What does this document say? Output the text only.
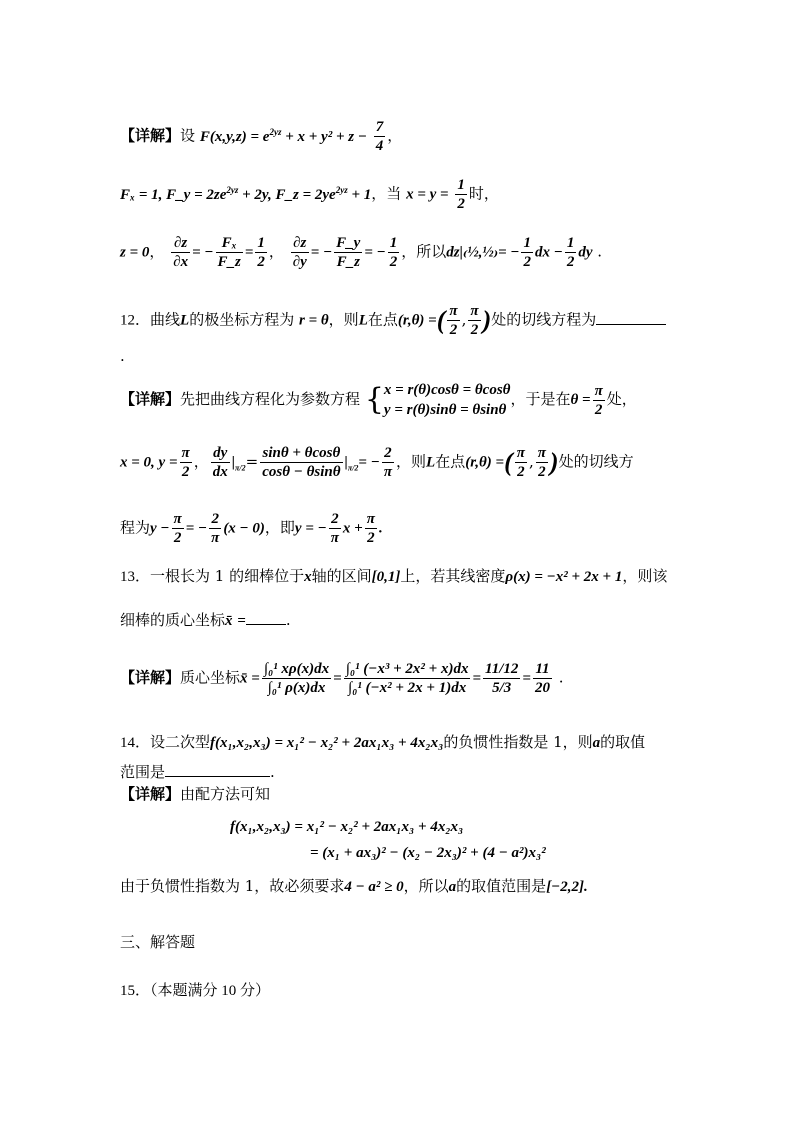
【详解】设 $F(x,y,z) = e^{2yz} + x + y^2 + z - \frac{7}{4}$ ，
Fₓ = 1, F_y = $2ze^{2yz} + 2y$, F_z = $2ye^{2yz} + 1$，当 $x = y = \frac{1}{2}$ 时，
z = 0， $\frac{\partial z}{\partial x}$ = − $\frac{\text{Fₓ}}{F\_z} = \frac{1}{2}$ ， $\frac{\partial z}{\partial y}$ = − $\frac{F\_y}{F\_z}$ = − $\frac{1}{2}$ ，所以dz|₍½,½₎= − $\frac{1}{2}$ dx − $\frac{1}{2}$ dy .
12．曲线L的极坐标方程为 r = θ，则L在点(r,θ) =( $\frac{\pi}{2}$ , $\frac{\pi}{2}$ )处的切线方程为
.
【详解】先把曲线方程化为参数方程 { x = r(θ)cosθ = θcosθ
y = r(θ)sinθ = θsinθ
，于是在$\theta = \frac{\pi}{2}$ 处，
x = 0, $y = \frac{\pi}{2}$ ， $\frac{dy}{dx} |_{\pi/2}= \frac{\sin\theta + \theta\cos\theta}{\cos\theta - \theta\sin\theta} |_{\pi/2}= - \frac{2}{\pi}$ ，则L在点(r,θ) =( $\frac{\pi}{2}$ , $\frac{\pi}{2}$ )处的切线方
程为$y - \frac{\pi}{2}$ = − $\frac{2}{\pi} (x - 0)$，即y = − $\frac{2}{\pi}$ $x + \frac{\pi}{2}$ .
13．一根长为 1 的细棒位于x轴的区间[0,1]上，若其线密度ρ(x) = −x² + 2x + 1，则该
细棒的质心坐标x̄ =	.
【详解】质心坐标x̄ = $\frac{\text{∫₀¹ xρ(x)dx}}{\text{∫₀¹ ρ(x)dx}} = \frac{\text{∫₀¹ (−x³ + 2x² + x)dx}}{\text{∫₀¹ (−x² + 2x + 1)dx}} = \frac{11/12}{5/3} = \frac{11}{20}$ .
14．设二次型f(x₁,x₂,x₃) = x₁² − x₂² + 2ax₁x₃ + 4x₂x₃的负惯性指数是 1，则a的取值
范围是	.
【详解】由配方法可知
f(x₁,x₂,x₃) = x₁² − x₂² + 2ax₁x₃ + 4x₂x₃
= (x₁ + ax₃)² − (x₂ − 2x₃)² + (4 − a²)x₃²
由于负惯性指数为 1，故必须要求4 − a² ≥ 0，所以a的取值范围是[−2,2].
三、解答题
15．（本题满分 10 分）
